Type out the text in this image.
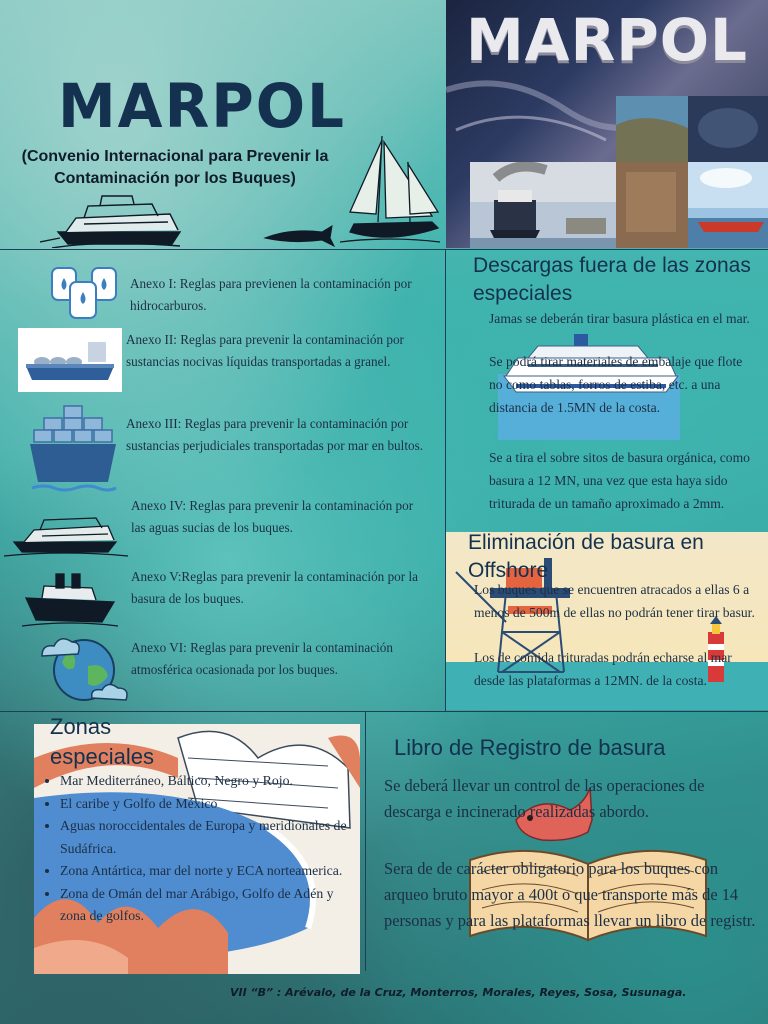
MARPOL
(Convenio Internacional para Prevenir la Contaminación por los Buques)
MARPOL
Anexo I: Reglas para previenen la contaminación por hidrocarburos.
Anexo II: Reglas para prevenir la contaminación por sustancias nocivas líquidas transportadas a granel.
Anexo III: Reglas para prevenir la contaminación por sustancias perjudiciales transportadas por mar en bultos.
Anexo IV: Reglas para prevenir la contaminación por las aguas sucias de los buques.
Anexo V:Reglas para prevenir la contaminación por la basura de los buques.
Anexo VI: Reglas para prevenir la contaminación atmosférica ocasionada por los buques.
Descargas fuera de las zonas especiales
Jamas se deberán tirar basura plástica en el mar.
Se podrá tirar materiales de embalaje que flote no como tablas, forros de estiba, etc. a una distancia de 1.5MN de la costa.
Se a tira el sobre sitos de basura orgánica, como basura a 12 MN, una vez que esta haya sido triturada de un tamaño aproximado a 2mm.
Eliminación de basura en Offshore
Los buques que se encuentren atracados a ellas 6 a menos de 500m de ellas no podrán tener tirar basur.
Los de comida trituradas podrán echarse al mar desde las plataformas a 12MN. de la costa.
Zonas especiales
• Mar Mediterráneo, Báltico, Negro y Rojo.
• El caribe y Golfo de México
• Aguas noroccidentales de Europa y meridionales de Sudáfrica.
• Zona Antártica, mar del norte y ECA norteamerica.
• Zona de Omán del mar Arábigo, Golfo de Adén y zona de golfos.
Libro de Registro de basura
Se deberá llevar un control de las operaciones de descarga e incinerado realizadas abordo.
Sera de de carácter obligatorio para los buques con arqueo bruto mayor a 400t o que transporte más de 14 personas y para las plataformas llevar un libro de registr.
VII “B” : Arévalo, de la Cruz, Monterros, Morales, Reyes, Sosa, Susunaga.
